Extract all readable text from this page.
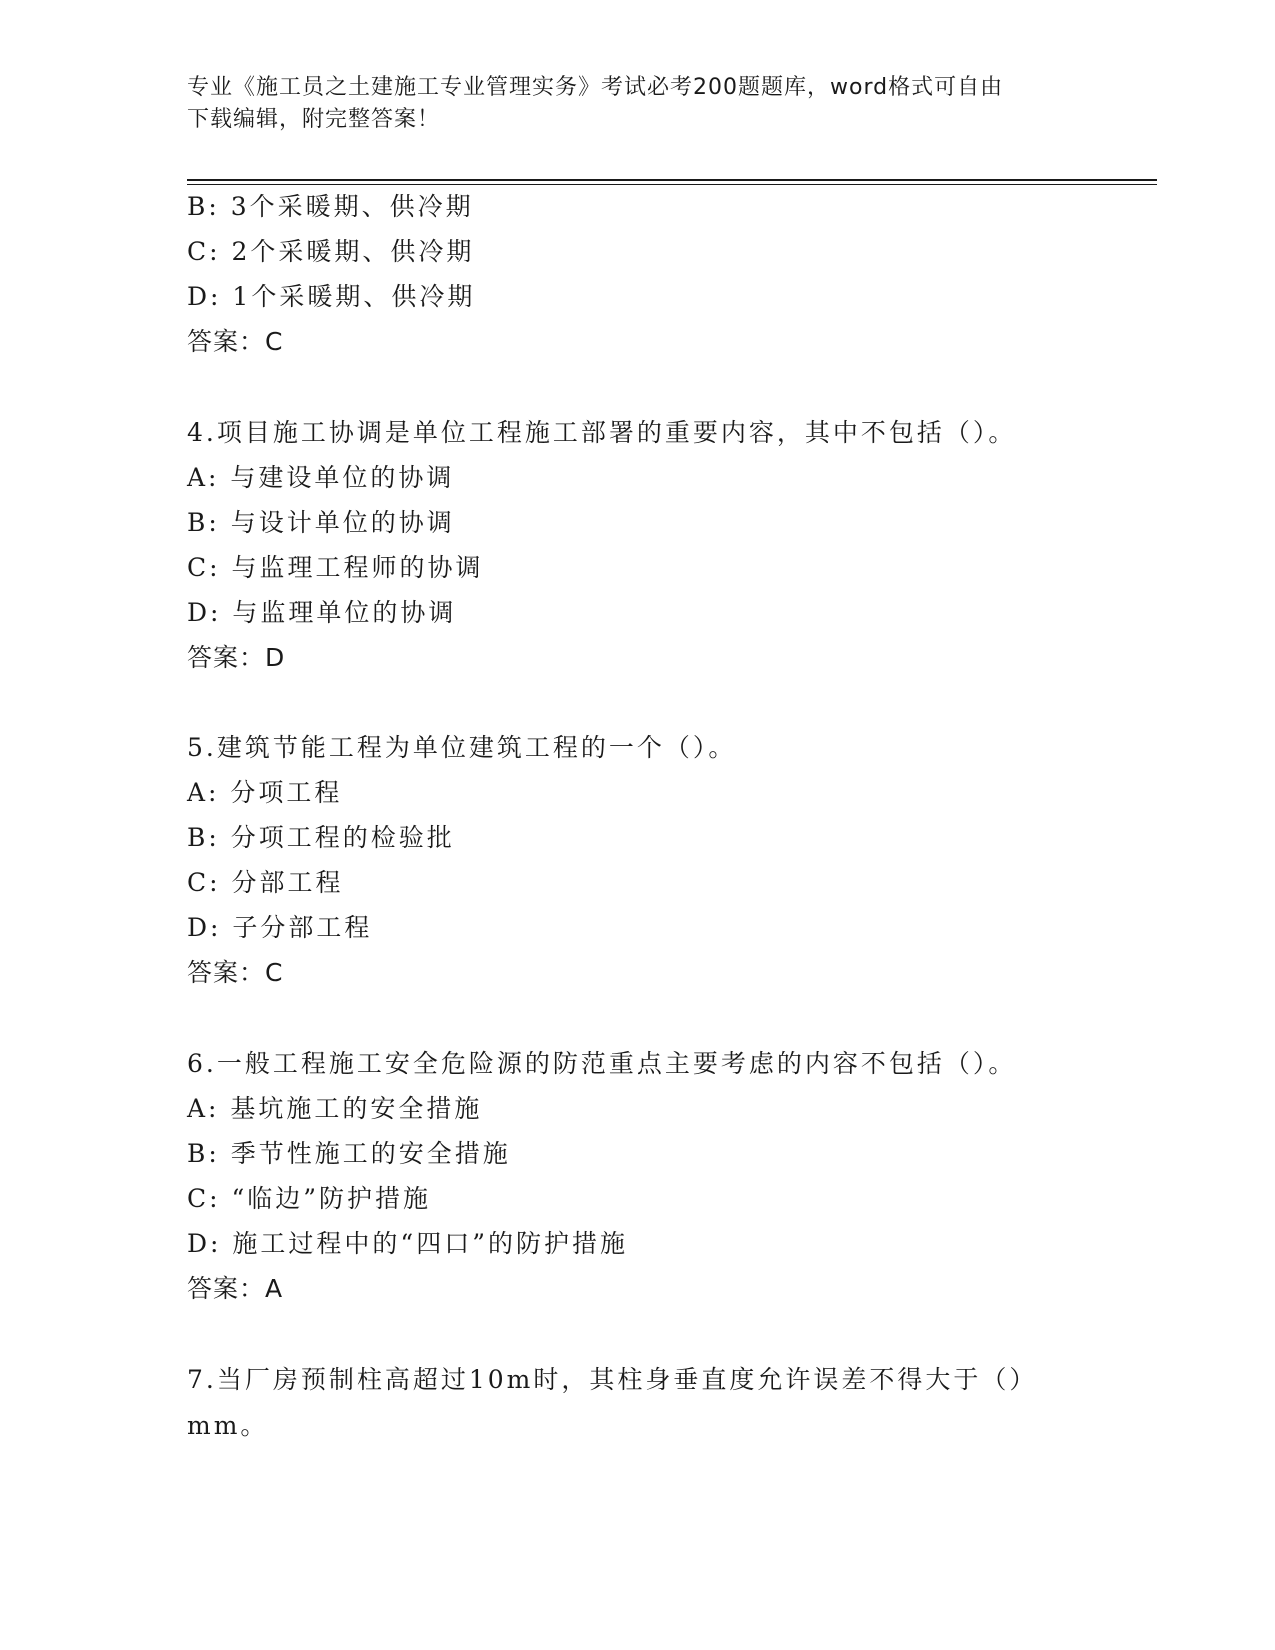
专业《施工员之土建施工专业管理实务》考试必考200题题库，word格式可自由
下载编辑，附完整答案！
B: 3个采暖期、供冷期
C: 2个采暖期、供冷期
D: 1个采暖期、供冷期
答案：C
4.项目施工协调是单位工程施工部署的重要内容，其中不包括（）。
A: 与建设单位的协调
B: 与设计单位的协调
C: 与监理工程师的协调
D: 与监理单位的协调
答案：D
5.建筑节能工程为单位建筑工程的一个（）。
A: 分项工程
B: 分项工程的检验批
C: 分部工程
D: 子分部工程
答案：C
6.一般工程施工安全危险源的防范重点主要考虑的内容不包括（）。
A: 基坑施工的安全措施
B: 季节性施工的安全措施
C: “临边”防护措施
D: 施工过程中的“四口”的防护措施
答案：A
7.当厂房预制柱高超过10m时，其柱身垂直度允许误差不得大于（）
mm。
